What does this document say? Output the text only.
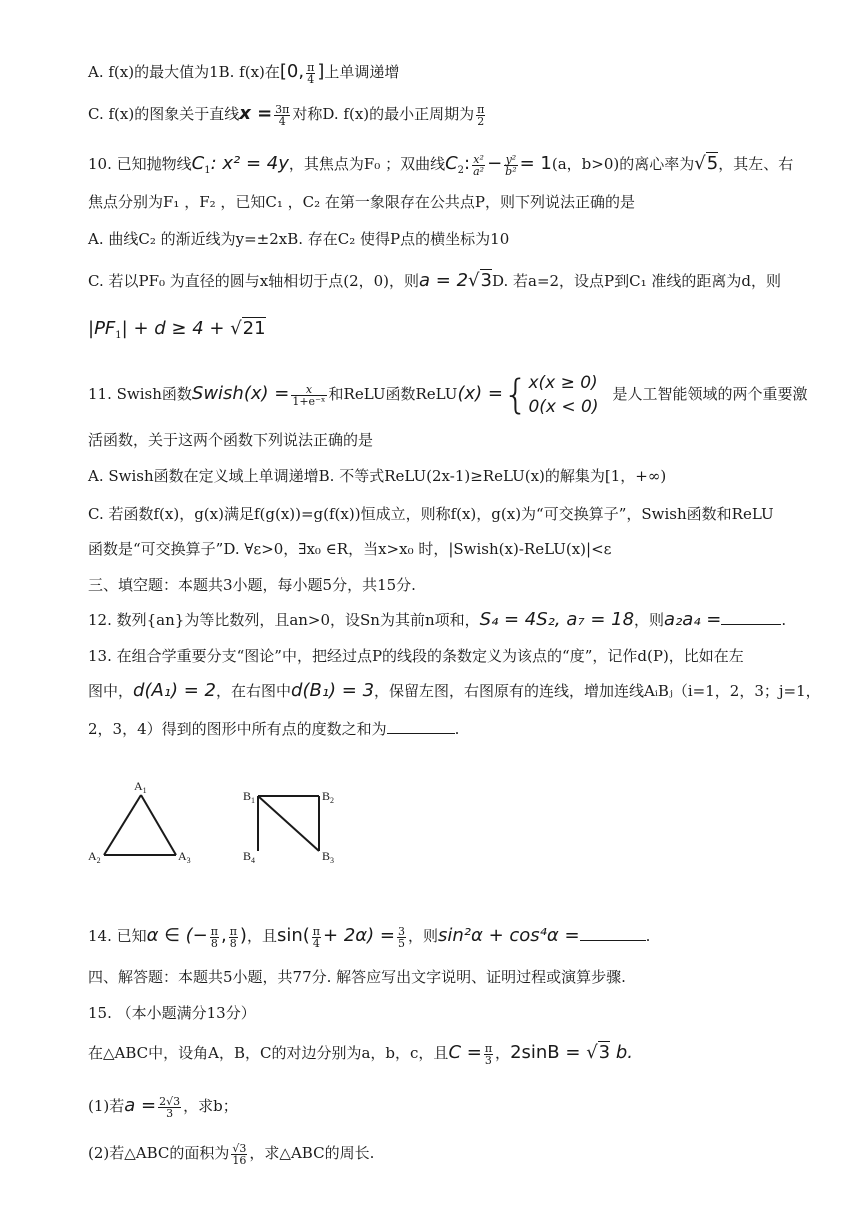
A. f(x)的最大值为1B. f(x)在[0, $\frac{\pi}{4}$ ]上单调递增
C. f(x)的图象关于直线$x = \frac{3\pi}{4}$ 对称D. f(x)的最小正周期为 $\frac{\pi}{2}$
10. 已知抛物线$C_1$: x² = 4y，其焦点为F₀ ；双曲线$C_2$: $\frac{\text{x²}}{\text{a²}} - \frac{\text{y²}}{\text{b²}} = 1(a$，b>0)的离心率为√5，其左、右
焦点分别为F₁ ，F₂ ，已知C₁ ，C₂ 在第一象限存在公共点P，则下列说法正确的是
A. 曲线C₂ 的渐近线为y=±2xB. 存在C₂ 使得P点的横坐标为10
C. 若以PF₀ 为直径的圆与x轴相切于点(2，0)，则a = 2√3D. 若a=2，设点P到C₁ 准线的距离为d，则
$|PF_1| + d \ge 4 + √21$
11. Swish函数Swish(x) = $\frac{x}{\text{1+e⁻ˣ}}$ 和ReLU函数ReLU(x) ={ x(x ≥ 0)
0(x < 0)
是人工智能领域的两个重要激
活函数，关于这两个函数下列说法正确的是
A. Swish函数在定义域上单调递增B. 不等式ReLU(2x-1)≥ReLU(x)的解集为[1，+∞)
C. 若函数f(x)，g(x)满足f(g(x))=g(f(x))恒成立，则称f(x)，g(x)为“可交换算子”，Swish函数和ReLU
函数是“可交换算子”D. ∀ε>0，∃x₀ ∈R，当x>x₀ 时，|Swish(x)-ReLU(x)|<ε
三、填空题：本题共3小题，每小题5分，共15分.
12. 数列{an}为等比数列，且an>0，设Sn为其前n项和，S₄ = 4S₂, a₇ = 18，则a₂a₄ =	.
13. 在组合学重要分支“图论”中，把经过点P的线段的条数定义为该点的“度”，记作d(P)，比如在左
图中，d(A₁) = 2，在右图中d(B₁) = 3，保留左图，右图原有的连线，增加连线AᵢBⱼ（i=1，2，3；j=1，
2，3，4）得到的图形中所有点的度数之和为	.
$A_1$
$A_2$	$A_3$
$B_1$	$B_2$
$B_3$
$B_4$
14. 已知α ∈ (− $\frac{\pi}{8}$ , $\frac{\pi}{8}$ )，且$\sin( \frac{\pi}{4} + 2\alpha) = \frac{3}{5}$ ，则sin²α + cos⁴α =	.
四、解答题：本题共5小题，共77分. 解答应写出文字说明、证明过程或演算步骤.
15. （本小题满分13分）
在△ABC中，设角A，B，C的对边分别为a，b，c，且$C = \frac{\pi}{3}$ ，2sinB = √3 b.
(1)若$a = \frac{2√3}{3}$ ，求b；
(2)若△ABC的面积为 $\frac{√3}{16}$ ，求△ABC的周长.
